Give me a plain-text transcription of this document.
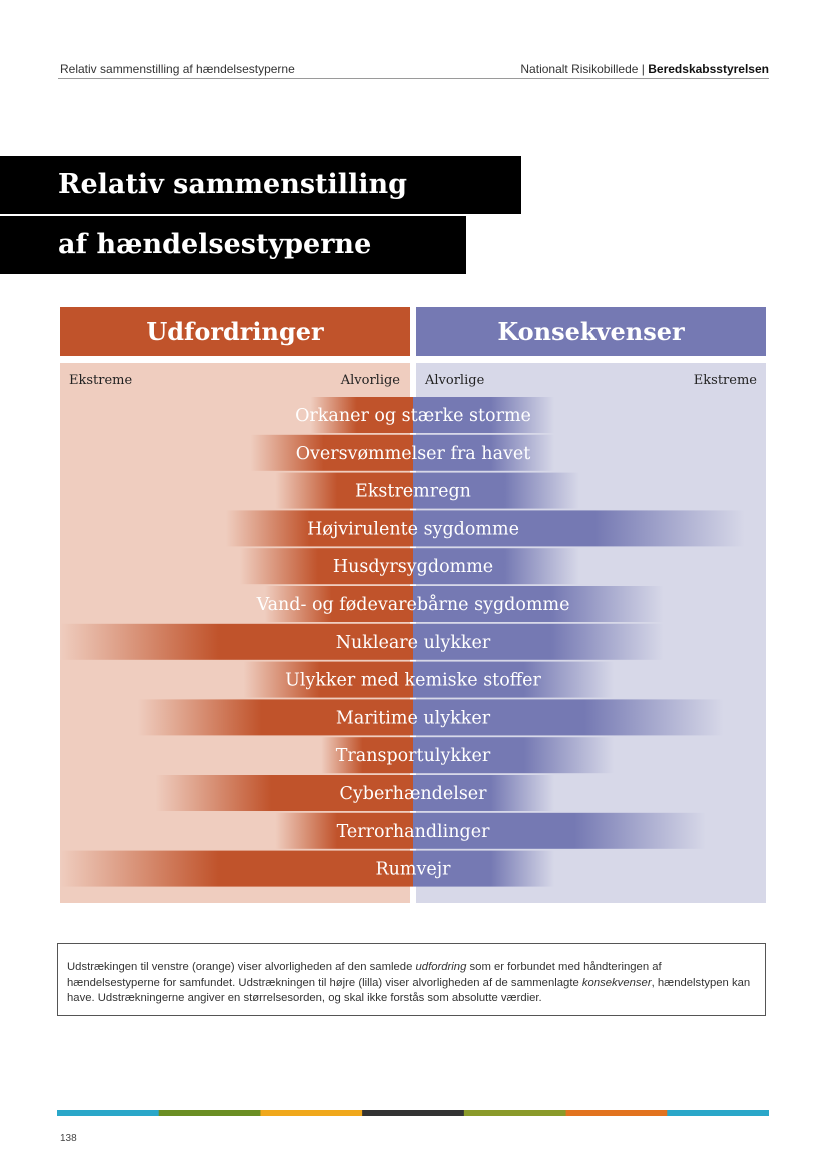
Relativ sammenstilling af hændelsestyperne	Nationalt Risikobillede | Beredskabsstyrelsen
Relativ sammenstilling
af hændelsestyperne
Udfordringer	Konsekvenser
Ekstreme	Alvorlige Alvorlige	Ekstreme
Orkaner og stærke storme
Oversvømmelser fra havet
Ekstremregn
Højvirulente sygdomme
Husdyrsygdomme
Vand- og fødevarebårne sygdomme
Nukleare ulykker
Ulykker med kemiske stoffer
Maritime ulykker
Transportulykker
Cyberhændelser
Terrorhandlinger
Rumvejr
Udstrækingen til venstre (orange) viser alvorligheden af den samlede udfordring som er forbundet med håndteringen af hændelsestyperne for samfundet. Udstrækningen til højre (lilla) viser alvorligheden af de sammenlagte konsekvenser, hændelstypen kan have. Udstrækningerne angiver en størrelsesorden, og skal ikke forstås som absolutte værdier.
138
